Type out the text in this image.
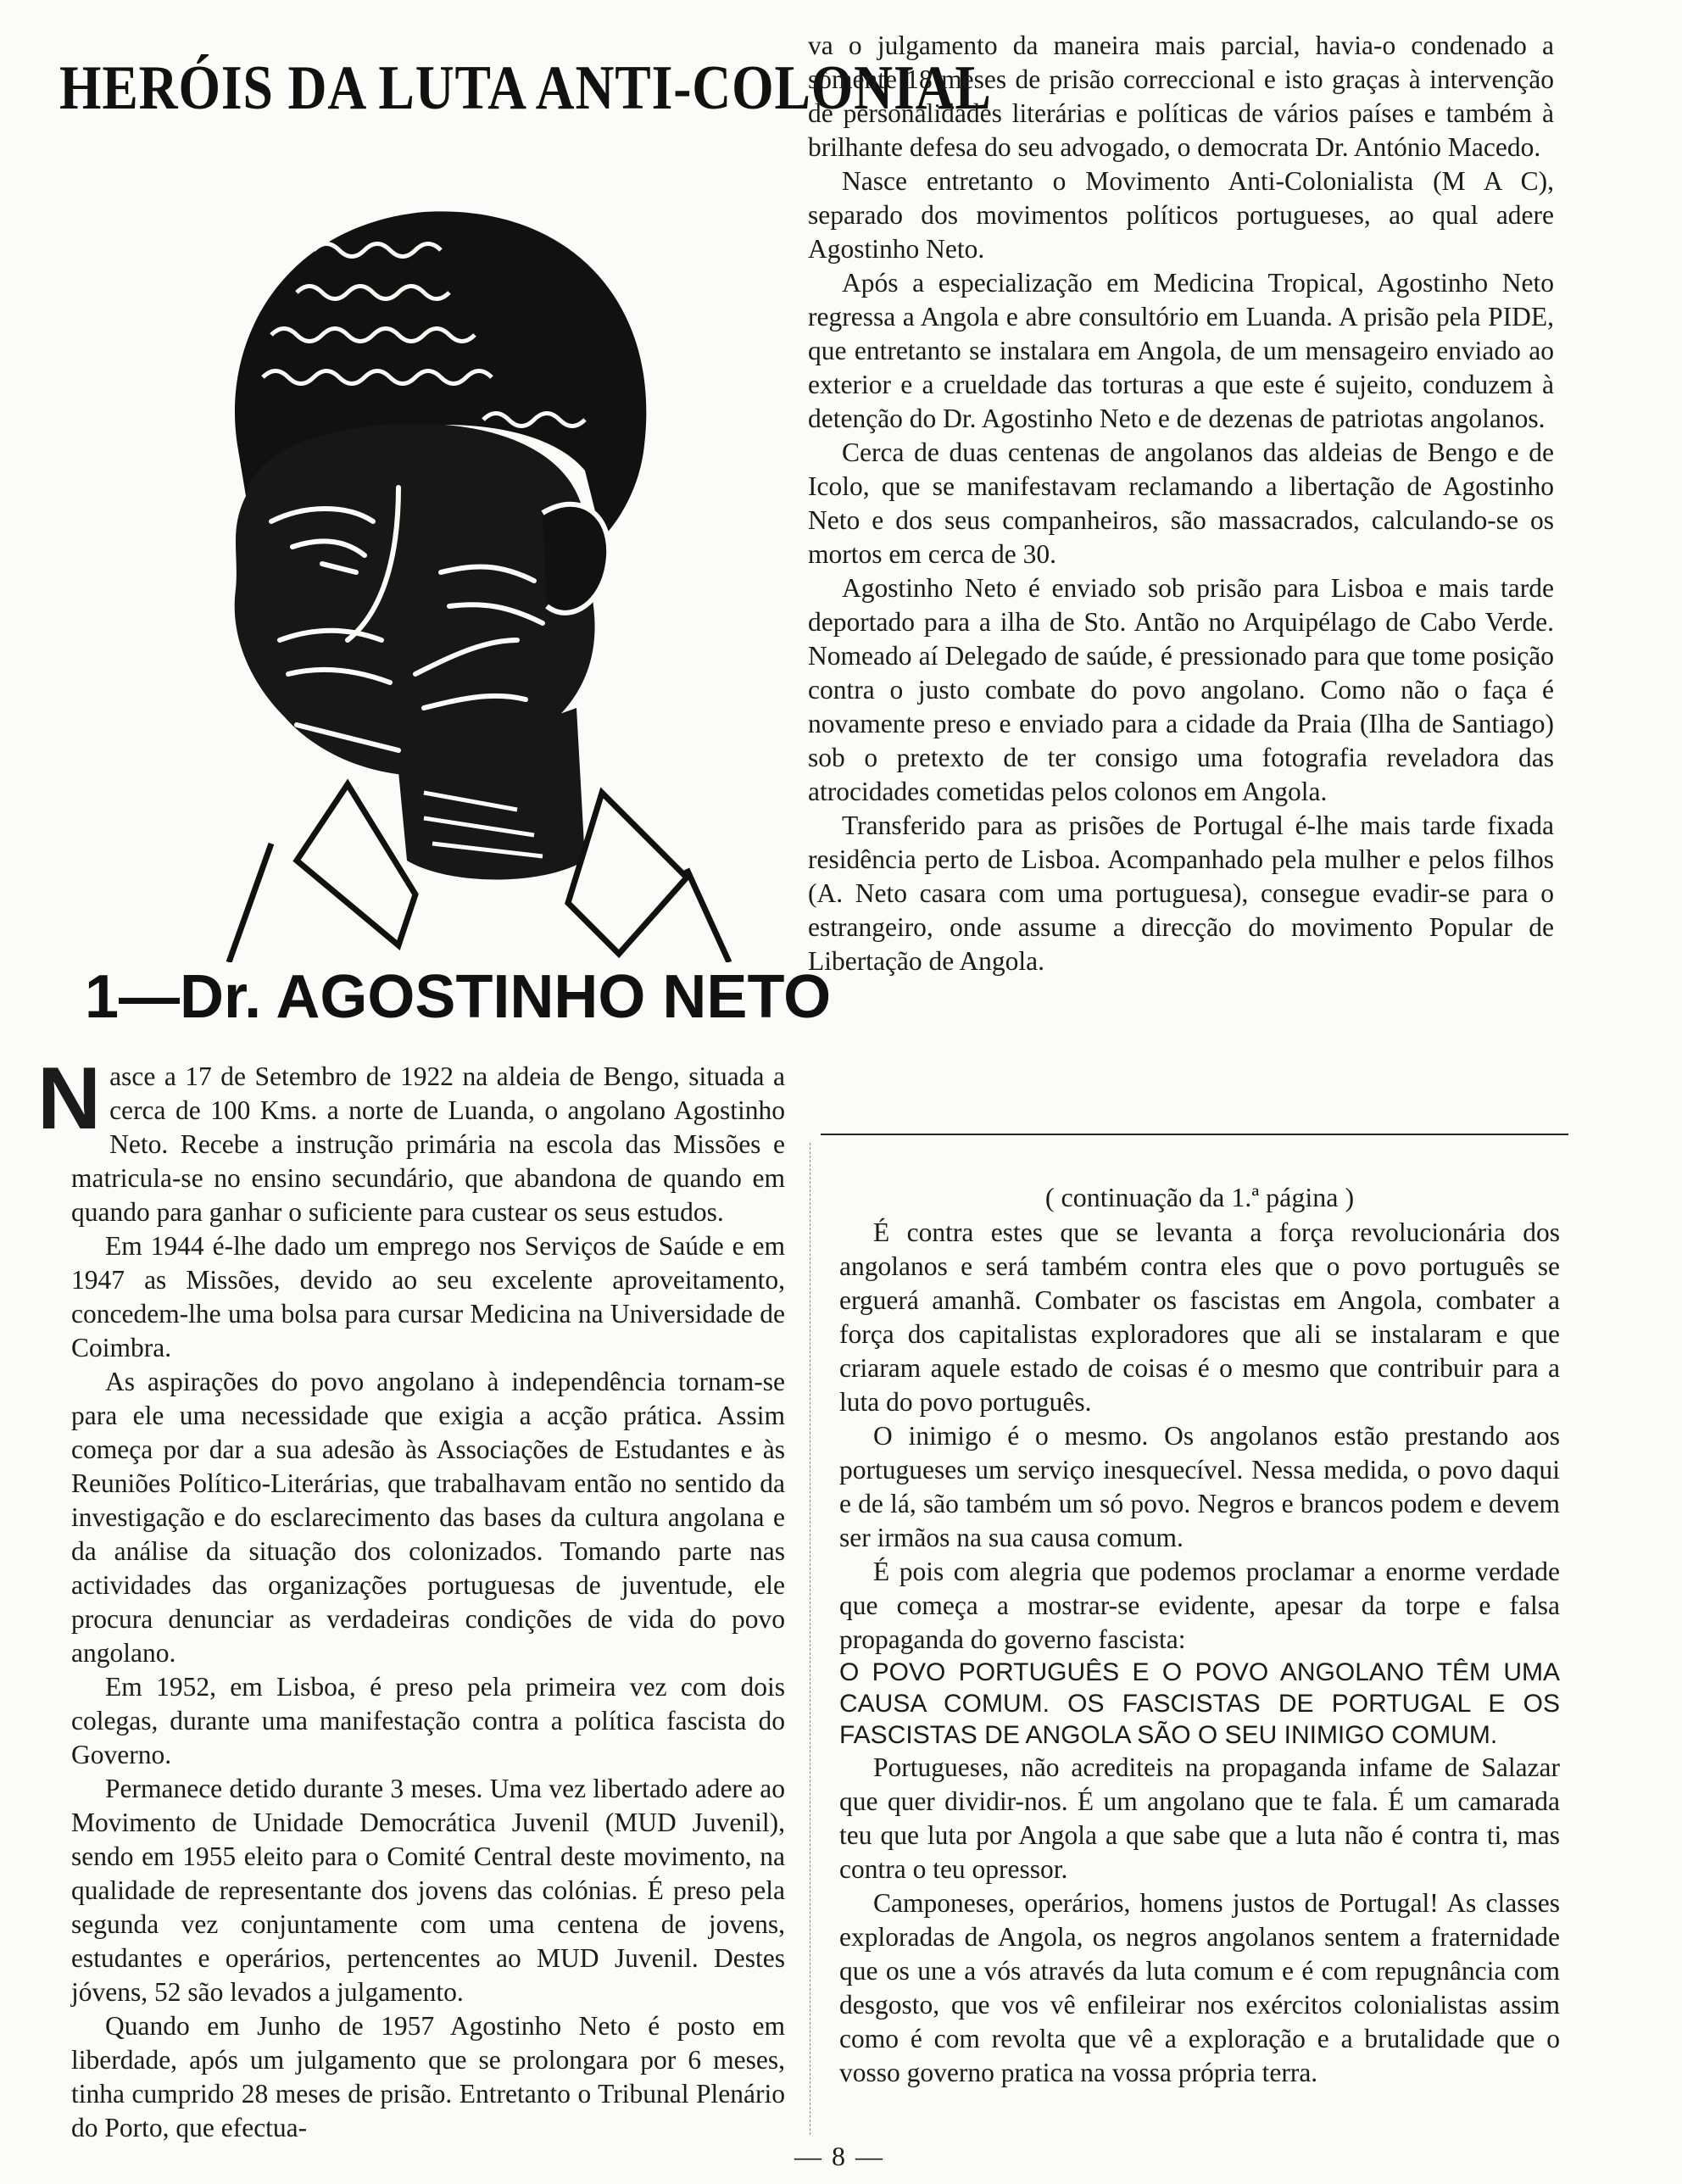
HERÓIS DA LUTA ANTI-COLONIAL
1—Dr. AGOSTINHO NETO

Nasce a 17 de Setembro de 1922 na aldeia de Bengo, situada a cerca de 100 Kms. a norte de Luanda, o angolano Agostinho Neto. Recebe a instrução primária na escola das Missões e matricula-se no ensino secundário, que abandona de quando em quando para ganhar o suficiente para custear os seus estudos.

Em 1944 é-lhe dado um emprego nos Serviços de Saúde e em 1947 as Missões, devido ao seu excelente aproveitamento, concedem-lhe uma bolsa para cursar Medicina na Universidade de Coimbra.

As aspirações do povo angolano à independência tornam-se para ele uma necessidade que exigia a acção prática. Assim começa por dar a sua adesão às Associações de Estudantes e às Reuniões Político-Literárias, que trabalhavam então no sentido da investigação e do esclarecimento das bases da cultura angolana e da análise da situação dos colonizados. Tomando parte nas actividades das organizações portuguesas de juventude, ele procura denunciar as verdadeiras condições de vida do povo angolano.

Em 1952, em Lisboa, é preso pela primeira vez com dois colegas, durante uma manifestação contra a política fascista do Governo.

Permanece detido durante 3 meses. Uma vez libertado adere ao Movimento de Unidade Democrática Juvenil (MUD Juvenil), sendo em 1955 eleito para o Comité Central deste movimento, na qualidade de representante dos jovens das colónias. É preso pela segunda vez conjuntamente com uma centena de jovens, estudantes e operários, pertencentes ao MUD Juvenil. Destes jóvens, 52 são levados a julgamento.

Quando em Junho de 1957 Agostinho Neto é posto em liberdade, após um julgamento que se prolongara por 6 meses, tinha cumprido 28 meses de prisão. Entretanto o Tribunal Plenário do Porto, que efectua-

va o julgamento da maneira mais parcial, havia-o condenado a sòmente 18 meses de prisão correccional e isto graças à intervenção de personalidades literárias e políticas de vários países e também à brilhante defesa do seu advogado, o democrata Dr. António Macedo.

Nasce entretanto o Movimento Anti-Colonialista (M A C), separado dos movimentos políticos portugueses, ao qual adere Agostinho Neto.

Após a especialização em Medicina Tropical, Agostinho Neto regressa a Angola e abre consultório em Luanda. A prisão pela PIDE, que entretanto se instalara em Angola, de um mensageiro enviado ao exterior e a crueldade das torturas a que este é sujeito, conduzem à detenção do Dr. Agostinho Neto e de dezenas de patriotas angolanos.

Cerca de duas centenas de angolanos das aldeias de Bengo e de Icolo, que se manifestavam reclamando a libertação de Agostinho Neto e dos seus companheiros, são massacrados, calculando-se os mortos em cerca de 30.

Agostinho Neto é enviado sob prisão para Lisboa e mais tarde deportado para a ilha de Sto. Antão no Arquipélago de Cabo Verde. Nomeado aí Delegado de saúde, é pressionado para que tome posição contra o justo combate do povo angolano. Como não o faça é novamente preso e enviado para a cidade da Praia (Ilha de Santiago) sob o pretexto de ter consigo uma fotografia reveladora das atrocidades cometidas pelos colonos em Angola.

Transferido para as prisões de Portugal é-lhe mais tarde fixada residência perto de Lisboa. Acompanhado pela mulher e pelos filhos (A. Neto casara com uma portuguesa), consegue evadir-se para o estrangeiro, onde assume a direcção do movimento Popular de Libertação de Angola.

( continuação da 1.ª página )

É contra estes que se levanta a força revolucionária dos angolanos e será também contra eles que o povo português se erguerá amanhã. Combater os fascistas em Angola, combater a força dos capitalistas exploradores que ali se instalaram e que criaram aquele estado de coisas é o mesmo que contribuir para a luta do povo português.

O inimigo é o mesmo. Os angolanos estão prestando aos portugueses um serviço inesquecível. Nessa medida, o povo daqui e de lá, são também um só povo. Negros e brancos podem e devem ser irmãos na sua causa comum.

É pois com alegria que podemos proclamar a enorme verdade que começa a mostrar-se evidente, apesar da torpe e falsa propaganda do governo fascista:

O POVO PORTUGUÊS E O POVO ANGOLANO TÊM UMA CAUSA COMUM. OS FASCISTAS DE PORTUGAL E OS FASCISTAS DE ANGOLA SÃO O SEU INIMIGO COMUM.

Portugueses, não acrediteis na propaganda infame de Salazar que quer dividir-nos. É um angolano que te fala. É um camarada teu que luta por Angola a que sabe que a luta não é contra ti, mas contra o teu opressor.

Camponeses, operários, homens justos de Portugal! As classes exploradas de Angola, os negros angolanos sentem a fraternidade que os une a vós através da luta comum e é com repugnância com desgosto, que vos vê enfileirar nos exércitos colonialistas assim como é com revolta que vê a exploração e a brutalidade que o vosso governo pratica na vossa própria terra.

— 8 —
